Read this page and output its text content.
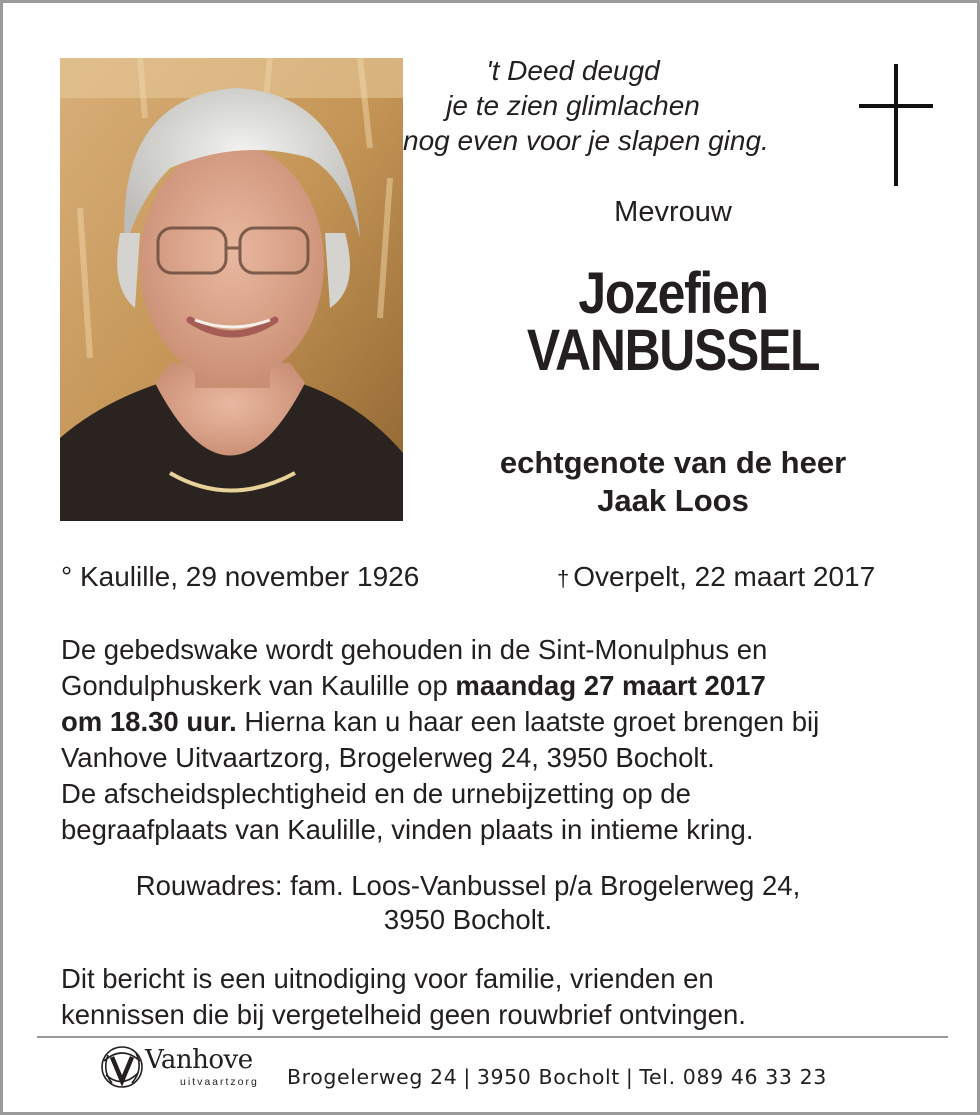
't Deed deugd
je te zien glimlachen
nog even voor je slapen ging.
Mevrouw
Jozefien
VANBUSSEL
echtgenote van de heer
Jaak Loos
° Kaulille, 29 november 1926	† Overpelt, 22 maart 2017
De gebedswake wordt gehouden in de Sint-Monulphus en
Gondulphuskerk van Kaulille op maandag 27 maart 2017
om 18.30 uur. Hierna kan u haar een laatste groet brengen bij
Vanhove Uitvaartzorg, Brogelerweg 24, 3950 Bocholt.
De afscheidsplechtigheid en de urnebijzetting op de
begraafplaats van Kaulille, vinden plaats in intieme kring.
Rouwadres: fam. Loos-Vanbussel p/a Brogelerweg 24,
3950 Bocholt.
Dit bericht is een uitnodiging voor familie, vrienden en
kennissen die bij vergetelheid geen rouwbrief ontvingen.
Vanhove
uitvaartzorg Brogelerweg 24 | 3950 Bocholt | Tel. 089 46 33 23
